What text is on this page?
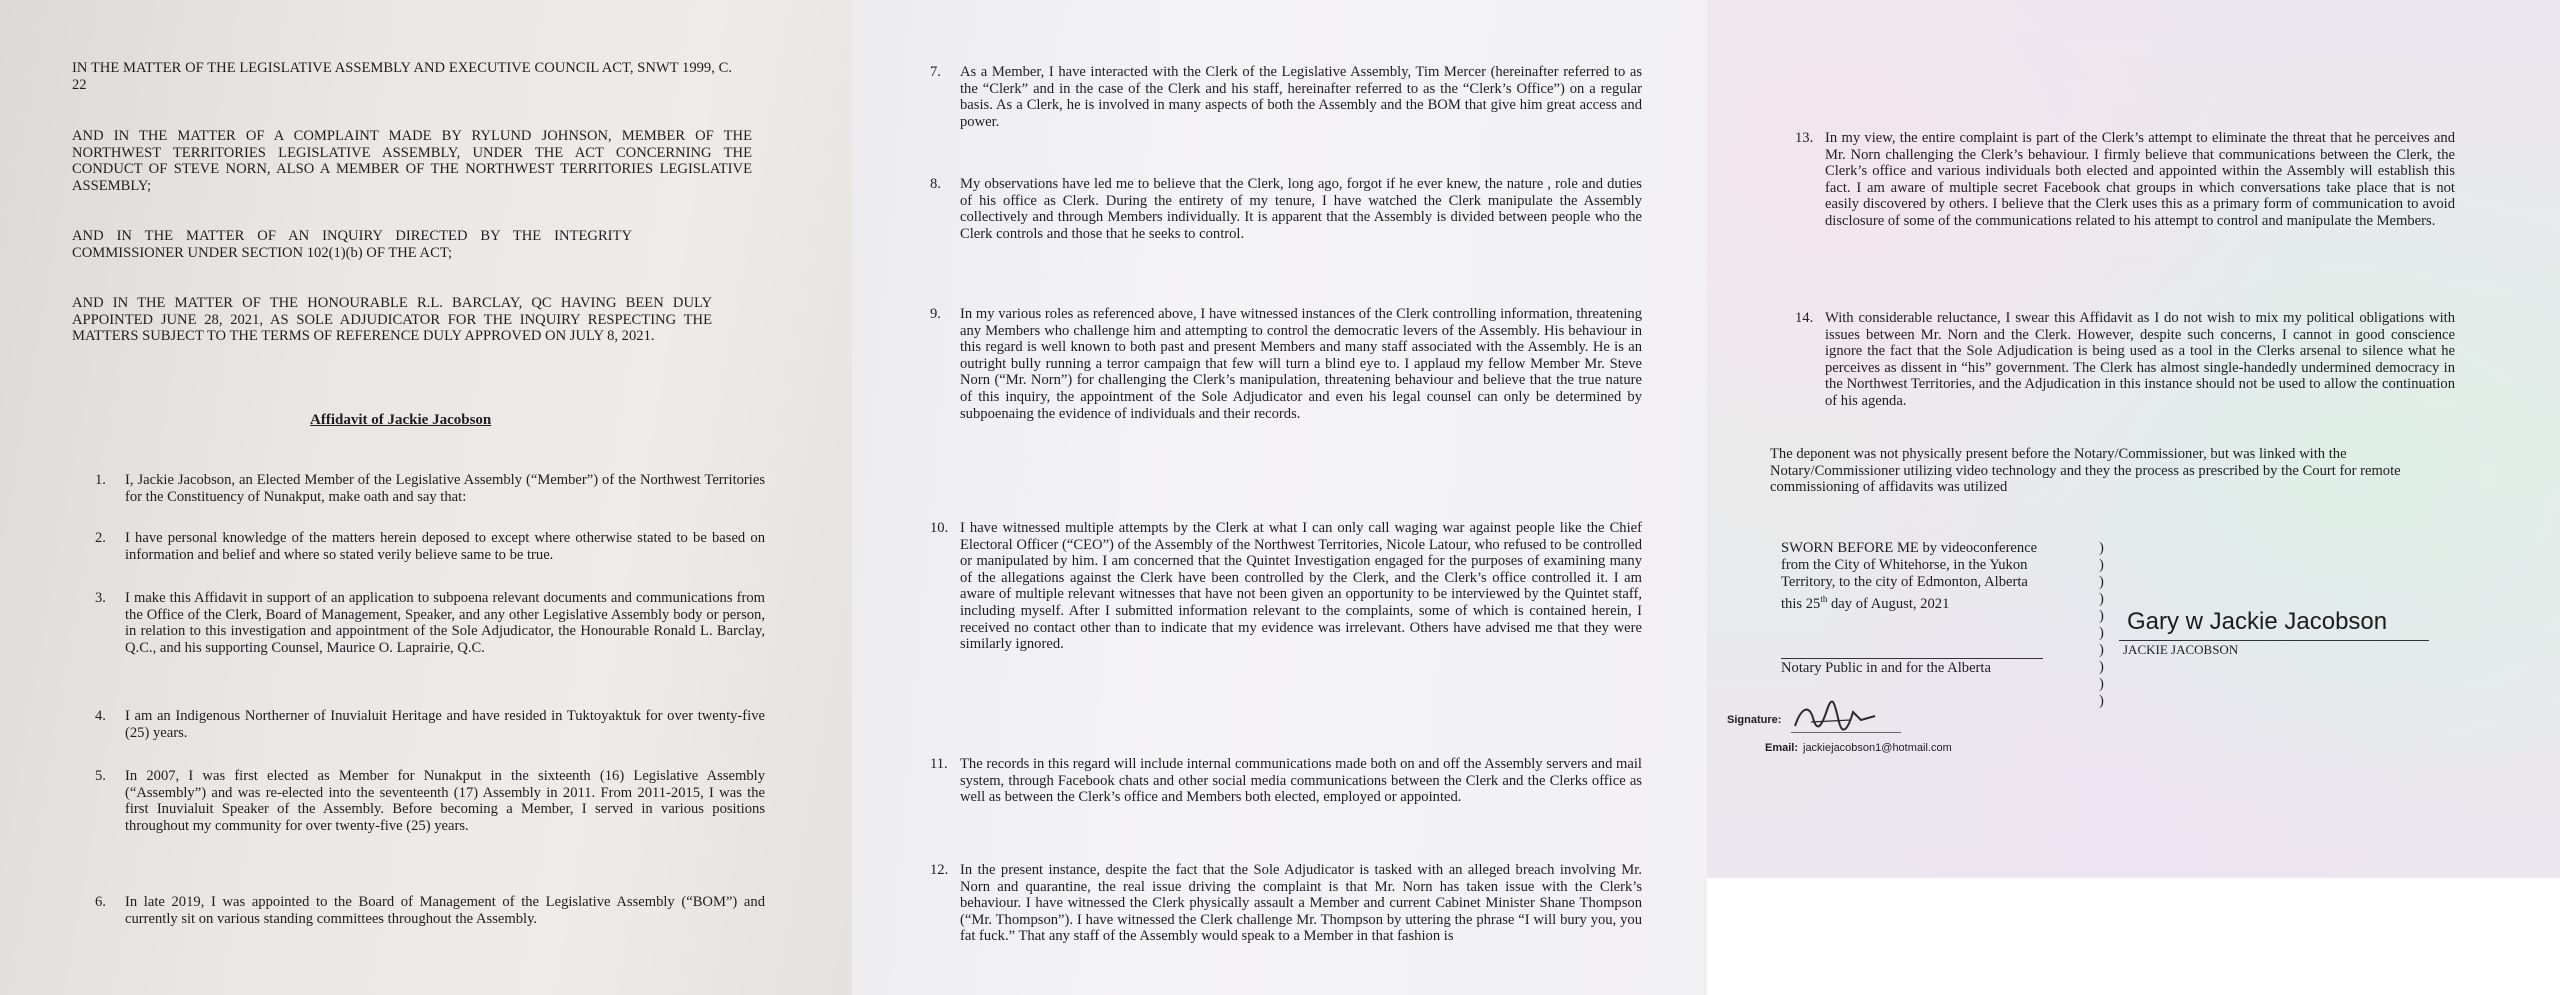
IN THE MATTER OF THE LEGISLATIVE ASSEMBLY AND EXECUTIVE COUNCIL ACT, SNWT 1999, C. 22

AND IN THE MATTER OF A COMPLAINT MADE BY RYLUND JOHNSON, MEMBER OF THE NORTHWEST TERRITORIES LEGISLATIVE ASSEMBLY, UNDER THE ACT CONCERNING THE CONDUCT OF STEVE NORN, ALSO A MEMBER OF THE NORTHWEST TERRITORIES LEGISLATIVE ASSEMBLY;

AND IN THE MATTER OF AN INQUIRY DIRECTED BY THE INTEGRITY COMMISSIONER UNDER SECTION 102(1)(b) OF THE ACT;

AND IN THE MATTER OF THE HONOURABLE R.L. BARCLAY, QC HAVING BEEN DULY APPOINTED JUNE 28, 2021, AS SOLE ADJUDICATOR FOR THE INQUIRY RESPECTING THE MATTERS SUBJECT TO THE TERMS OF REFERENCE DULY APPROVED ON JULY 8, 2021.

Affidavit of Jackie Jacobson
1. I, Jackie Jacobson, an Elected Member of the Legislative Assembly (“Member”) of the Northwest Territories for the Constituency of Nunakput, make oath and say that:
2. I have personal knowledge of the matters herein deposed to except where otherwise stated to be based on information and belief and where so stated verily believe same to be true.
3. I make this Affidavit in support of an application to subpoena relevant documents and communications from the Office of the Clerk, Board of Management, Speaker, and any other Legislative Assembly body or person, in relation to this investigation and appointment of the Sole Adjudicator, the Honourable Ronald L. Barclay, Q.C., and his supporting Counsel, Maurice O. Laprairie, Q.C.
4. I am an Indigenous Northerner of Inuvialuit Heritage and have resided in Tuktoyaktuk for over twenty-five (25) years.
5. In 2007, I was first elected as Member for Nunakput in the sixteenth (16) Legislative Assembly (“Assembly”) and was re-elected into the seventeenth (17) Assembly in 2011. From 2011-2015, I was the first Inuvialuit Speaker of the Assembly. Before becoming a Member, I served in various positions throughout my community for over twenty-five (25) years.
6. In late 2019, I was appointed to the Board of Management of the Legislative Assembly (“BOM”) and currently sit on various standing committees throughout the Assembly.
7. As a Member, I have interacted with the Clerk of the Legislative Assembly, Tim Mercer (hereinafter referred to as the “Clerk” and in the case of the Clerk and his staff, hereinafter referred to as the “Clerk’s Office”) on a regular basis. As a Clerk, he is involved in many aspects of both the Assembly and the BOM that give him great access and power.
8. My observations have led me to believe that the Clerk, long ago, forgot if he ever knew, the nature , role and duties of his office as Clerk. During the entirety of my tenure, I have watched the Clerk manipulate the Assembly collectively and through Members individually. It is apparent that the Assembly is divided between people who the Clerk controls and those that he seeks to control.
9. In my various roles as referenced above, I have witnessed instances of the Clerk controlling information, threatening any Members who challenge him and attempting to control the democratic levers of the Assembly. His behaviour in this regard is well known to both past and present Members and many staff associated with the Assembly. He is an outright bully running a terror campaign that few will turn a blind eye to. I applaud my fellow Member Mr. Steve Norn (“Mr. Norn”) for challenging the Clerk’s manipulation, threatening behaviour and believe that the true nature of this inquiry, the appointment of the Sole Adjudicator and even his legal counsel can only be determined by subpoenaing the evidence of individuals and their records.
10. I have witnessed multiple attempts by the Clerk at what I can only call waging war against people like the Chief Electoral Officer (“CEO”) of the Assembly of the Northwest Territories, Nicole Latour, who refused to be controlled or manipulated by him. I am concerned that the Quintet Investigation engaged for the purposes of examining many of the allegations against the Clerk have been controlled by the Clerk, and the Clerk’s office controlled it. I am aware of multiple relevant witnesses that have not been given an opportunity to be interviewed by the Quintet staff, including myself. After I submitted information relevant to the complaints, some of which is contained herein, I received no contact other than to indicate that my evidence was irrelevant. Others have advised me that they were similarly ignored.
11. The records in this regard will include internal communications made both on and off the Assembly servers and mail system, through Facebook chats and other social media communications between the Clerk and the Clerks office as well as between the Clerk’s office and Members both elected, employed or appointed.
12. In the present instance, despite the fact that the Sole Adjudicator is tasked with an alleged breach involving Mr. Norn and quarantine, the real issue driving the complaint is that Mr. Norn has taken issue with the Clerk’s behaviour. I have witnessed the Clerk physically assault a Member and current Cabinet Minister Shane Thompson (“Mr. Thompson”). I have witnessed the Clerk challenge Mr. Thompson by uttering the phrase “I will bury you, you fat fuck.” That any staff of the Assembly would speak to a Member in that fashion is
13. In my view, the entire complaint is part of the Clerk’s attempt to eliminate the threat that he perceives and Mr. Norn challenging the Clerk’s behaviour. I firmly believe that communications between the Clerk, the Clerk’s office and various individuals both elected and appointed within the Assembly will establish this fact. I am aware of multiple secret Facebook chat groups in which conversations take place that is not easily discovered by others. I believe that the Clerk uses this as a primary form of communication to avoid disclosure of some of the communications related to his attempt to control and manipulate the Members.
14. With considerable reluctance, I swear this Affidavit as I do not wish to mix my political obligations with issues between Mr. Norn and the Clerk. However, despite such concerns, I cannot in good conscience ignore the fact that the Sole Adjudication is being used as a tool in the Clerks arsenal to silence what he perceives as dissent in “his” government. The Clerk has almost single-handedly undermined democracy in the Northwest Territories, and the Adjudication in this instance should not be used to allow the continuation of his agenda.

The deponent was not physically present before the Notary/Commissioner, but was linked with the Notary/Commissioner utilizing video technology and they the process as prescribed by the Court for remote commissioning of affidavits was utilized

SWORN BEFORE ME by videoconference
from the City of Whitehorse, in the Yukon
Territory, to the city of Edmonton, Alberta
this 25th day of August, 2021
Notary Public in and for the Alberta
)
)
)
)
)
)
)
)
)
)
Gary w Jackie Jacobson
JACKIE JACOBSON
Signature:
Email: jackiejacobson1@hotmail.com
